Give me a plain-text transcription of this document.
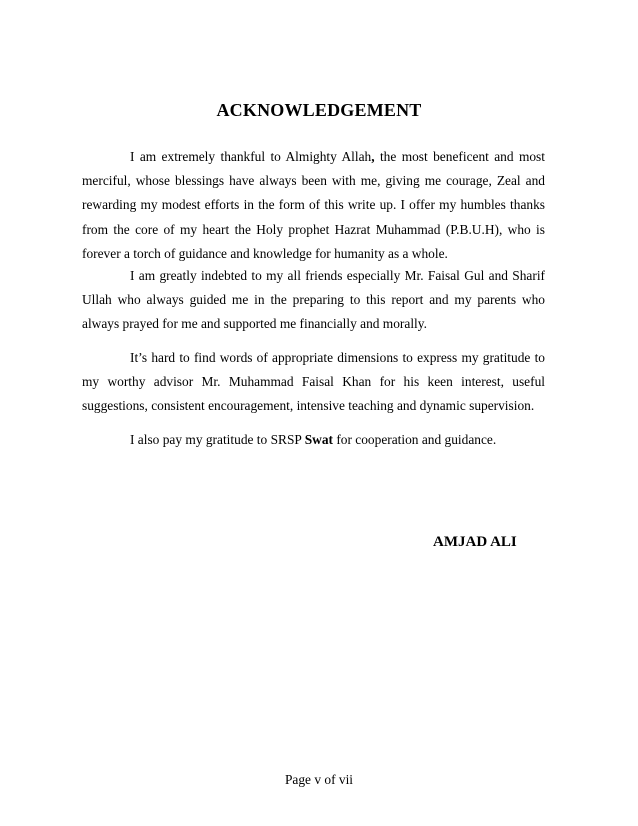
ACKNOWLEDGEMENT

I am extremely thankful to Almighty Allah, the most beneficent and most merciful, whose blessings have always been with me, giving me courage, Zeal and rewarding my modest efforts in the form of this write up. I offer my humbles thanks from the core of my heart the Holy prophet Hazrat Muhammad (P.B.U.H), who is forever a torch of guidance and knowledge for humanity as a whole.

I am greatly indebted to my all friends especially Mr. Faisal Gul and Sharif Ullah who always guided me in the preparing to this report and my parents who always prayed for me and supported me financially and morally.

It’s hard to find words of appropriate dimensions to express my gratitude to my worthy advisor Mr. Muhammad Faisal Khan for his keen interest, useful suggestions, consistent encouragement, intensive teaching and dynamic supervision.

I also pay my gratitude to SRSP Swat for cooperation and guidance.

AMJAD ALI

Page v of vii
